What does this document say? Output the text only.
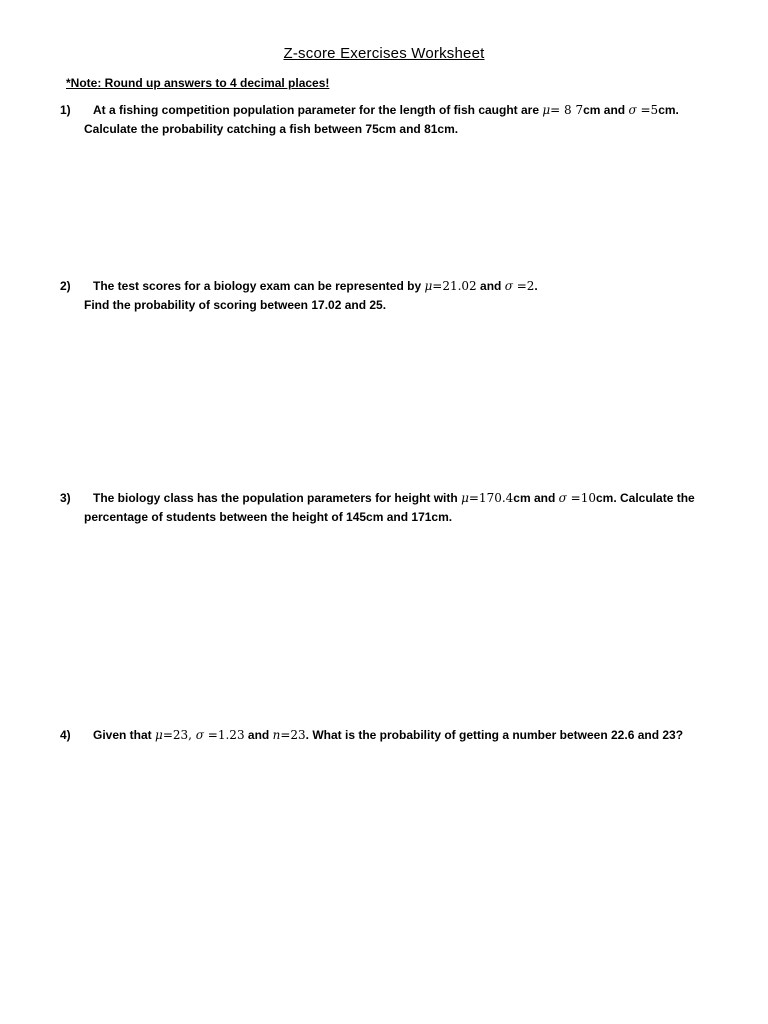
Z-score Exercises Worksheet
*Note: Round up answers to 4 decimal places!
1)	At a fishing competition population parameter for the length of fish caught are μ= 8 7cm and σ =5cm.
Calculate the probability catching a fish between 75cm and 81cm.
2)	The test scores for a biology exam can be represented by μ=21.02 and σ =2.
Find the probability of scoring between 17.02 and 25.
3)	The biology class has the population parameters for height with μ=170.4cm and σ =10cm. Calculate the
percentage of students between the height of 145cm and 171cm.
4)	Given that μ=23, σ =1.23 and n=23. What is the probability of getting a number between 22.6 and 23?
